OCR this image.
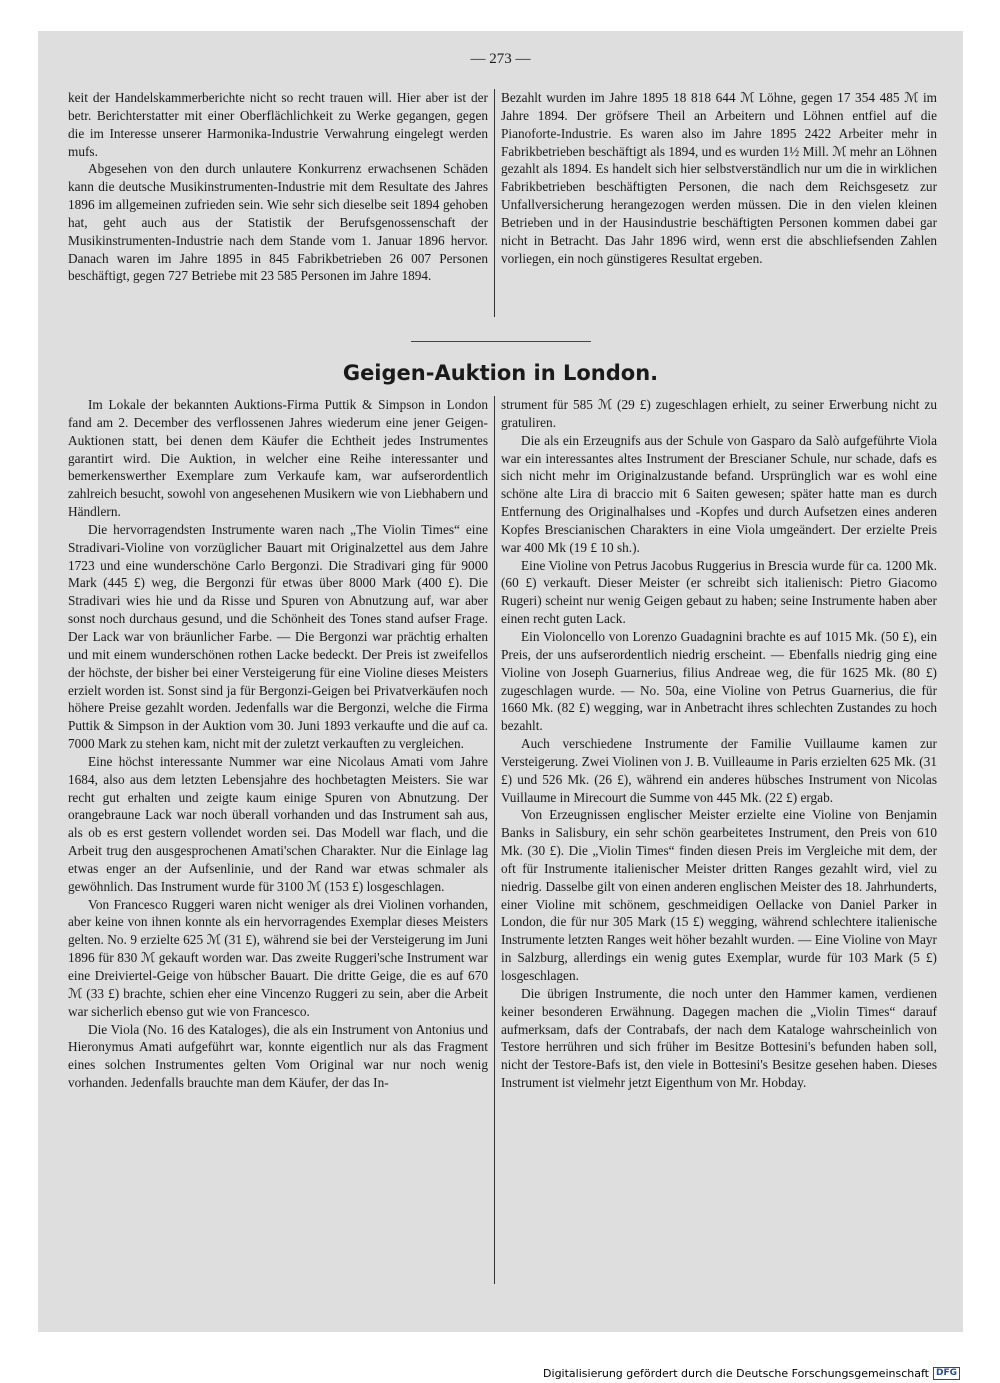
— 273 —

keit der Handelskammerberichte nicht so recht trauen will. Hier aber ist der betr. Berichterstatter mit einer Oberflächlichkeit zu Werke gegangen, gegen die im Interesse unserer Harmonika-Industrie Verwahrung eingelegt werden mufs.

Abgesehen von den durch unlautere Konkurrenz erwachsenen Schäden kann die deutsche Musikinstrumenten-Industrie mit dem Resultate des Jahres 1896 im allgemeinen zufrieden sein. Wie sehr sich dieselbe seit 1894 gehoben hat, geht auch aus der Statistik der Berufsgenossenschaft der Musikinstrumenten-Industrie nach dem Stande vom 1. Januar 1896 hervor. Danach waren im Jahre 1895 in 845 Fabrikbetrieben 26 007 Personen beschäftigt, gegen 727 Betriebe mit 23 585 Personen im Jahre 1894.

Bezahlt wurden im Jahre 1895 18 818 644 ℳ Löhne, gegen 17 354 485 ℳ im Jahre 1894. Der gröfsere Theil an Arbeitern und Löhnen entfiel auf die Pianoforte-Industrie. Es waren also im Jahre 1895 2422 Arbeiter mehr in Fabrikbetrieben beschäftigt als 1894, und es wurden 1½ Mill. ℳ mehr an Löhnen gezahlt als 1894. Es handelt sich hier selbstverständlich nur um die in wirklichen Fabrikbetrieben beschäftigten Personen, die nach dem Reichsgesetz zur Unfallversicherung herangezogen werden müssen. Die in den vielen kleinen Betrieben und in der Hausindustrie beschäftigten Personen kommen dabei gar nicht in Betracht. Das Jahr 1896 wird, wenn erst die abschliefsenden Zahlen vorliegen, ein noch günstigeres Resultat ergeben.

Geigen-Auktion in London.

Im Lokale der bekannten Auktions-Firma Puttik & Simpson in London fand am 2. December des verflossenen Jahres wiederum eine jener Geigen-Auktionen statt, bei denen dem Käufer die Echtheit jedes Instrumentes garantirt wird. Die Auktion, in welcher eine Reihe interessanter und bemerkenswerther Exemplare zum Verkaufe kam, war aufserordentlich zahlreich besucht, sowohl von angesehenen Musikern wie von Liebhabern und Händlern.

Die hervorragendsten Instrumente waren nach „The Violin Times“ eine Stradivari-Violine von vorzüglicher Bauart mit Originalzettel aus dem Jahre 1723 und eine wunderschöne Carlo Bergonzi. Die Stradivari ging für 9000 Mark (445 £) weg, die Bergonzi für etwas über 8000 Mark (400 £). Die Stradivari wies hie und da Risse und Spuren von Abnutzung auf, war aber sonst noch durchaus gesund, und die Schönheit des Tones stand aufser Frage. Der Lack war von bräunlicher Farbe. — Die Bergonzi war prächtig erhalten und mit einem wunderschönen rothen Lacke bedeckt. Der Preis ist zweifellos der höchste, der bisher bei einer Versteigerung für eine Violine dieses Meisters erzielt worden ist. Sonst sind ja für Bergonzi-Geigen bei Privatverkäufen noch höhere Preise gezahlt worden. Jedenfalls war die Bergonzi, welche die Firma Puttik & Simpson in der Auktion vom 30. Juni 1893 verkaufte und die auf ca. 7000 Mark zu stehen kam, nicht mit der zuletzt verkauften zu vergleichen.

Eine höchst interessante Nummer war eine Nicolaus Amati vom Jahre 1684, also aus dem letzten Lebensjahre des hochbetagten Meisters. Sie war recht gut erhalten und zeigte kaum einige Spuren von Abnutzung. Der orangebraune Lack war noch überall vorhanden und das Instrument sah aus, als ob es erst gestern vollendet worden sei. Das Modell war flach, und die Arbeit trug den ausgesprochenen Amati'schen Charakter. Nur die Einlage lag etwas enger an der Aufsenlinie, und der Rand war etwas schmaler als gewöhnlich. Das Instrument wurde für 3100 ℳ (153 £) losgeschlagen.

Von Francesco Ruggeri waren nicht weniger als drei Violinen vorhanden, aber keine von ihnen konnte als ein hervorragendes Exemplar dieses Meisters gelten. No. 9 erzielte 625 ℳ (31 £), während sie bei der Versteigerung im Juni 1896 für 830 ℳ gekauft worden war. Das zweite Ruggeri'sche Instrument war eine Dreiviertel-Geige von hübscher Bauart. Die dritte Geige, die es auf 670 ℳ (33 £) brachte, schien eher eine Vincenzo Ruggeri zu sein, aber die Arbeit war sicherlich ebenso gut wie von Francesco.

Die Viola (No. 16 des Kataloges), die als ein Instrument von Antonius und Hieronymus Amati aufgeführt war, konnte eigentlich nur als das Fragment eines solchen Instrumentes gelten Vom Original war nur noch wenig vorhanden. Jedenfalls brauchte man dem Käufer, der das In-

strument für 585 ℳ (29 £) zugeschlagen erhielt, zu seiner Erwerbung nicht zu gratuliren.

Die als ein Erzeugnifs aus der Schule von Gasparo da Salò aufgeführte Viola war ein interessantes altes Instrument der Brescianer Schule, nur schade, dafs es sich nicht mehr im Originalzustande befand. Ursprünglich war es wohl eine schöne alte Lira di braccio mit 6 Saiten gewesen; später hatte man es durch Entfernung des Originalhalses und -Kopfes und durch Aufsetzen eines anderen Kopfes Brescianischen Charakters in eine Viola umgeändert. Der erzielte Preis war 400 Mk (19 £ 10 sh.).

Eine Violine von Petrus Jacobus Ruggerius in Brescia wurde für ca. 1200 Mk. (60 £) verkauft. Dieser Meister (er schreibt sich italienisch: Pietro Giacomo Rugeri) scheint nur wenig Geigen gebaut zu haben; seine Instrumente haben aber einen recht guten Lack.

Ein Violoncello von Lorenzo Guadagnini brachte es auf 1015 Mk. (50 £), ein Preis, der uns aufserordentlich niedrig erscheint. — Ebenfalls niedrig ging eine Violine von Joseph Guarnerius, filius Andreae weg, die für 1625 Mk. (80 £) zugeschlagen wurde. — No. 50a, eine Violine von Petrus Guarnerius, die für 1660 Mk. (82 £) wegging, war in Anbetracht ihres schlechten Zustandes zu hoch bezahlt.

Auch verschiedene Instrumente der Familie Vuillaume kamen zur Versteigerung. Zwei Violinen von J. B. Vuilleaume in Paris erzielten 625 Mk. (31 £) und 526 Mk. (26 £), während ein anderes hübsches Instrument von Nicolas Vuillaume in Mirecourt die Summe von 445 Mk. (22 £) ergab.

Von Erzeugnissen englischer Meister erzielte eine Violine von Benjamin Banks in Salisbury, ein sehr schön gearbeitetes Instrument, den Preis von 610 Mk. (30 £). Die „Violin Times“ finden diesen Preis im Vergleiche mit dem, der oft für Instrumente italienischer Meister dritten Ranges gezahlt wird, viel zu niedrig. Dasselbe gilt von einen anderen englischen Meister des 18. Jahrhunderts, einer Violine mit schönem, geschmeidigen Oellacke von Daniel Parker in London, die für nur 305 Mark (15 £) wegging, während schlechtere italienische Instrumente letzten Ranges weit höher bezahlt wurden. — Eine Violine von Mayr in Salzburg, allerdings ein wenig gutes Exemplar, wurde für 103 Mark (5 £) losgeschlagen.

Die übrigen Instrumente, die noch unter den Hammer kamen, verdienen keiner besonderen Erwähnung. Dagegen machen die „Violin Times“ darauf aufmerksam, dafs der Contrabafs, der nach dem Kataloge wahrscheinlich von Testore herrühren und sich früher im Besitze Bottesini's befunden haben soll, nicht der Testore-Bafs ist, den viele in Bottesini's Besitze gesehen haben. Dieses Instrument ist vielmehr jetzt Eigenthum von Mr. Hobday.

Digitalisierung gefördert durch die Deutsche Forschungsgemeinschaft DFG
